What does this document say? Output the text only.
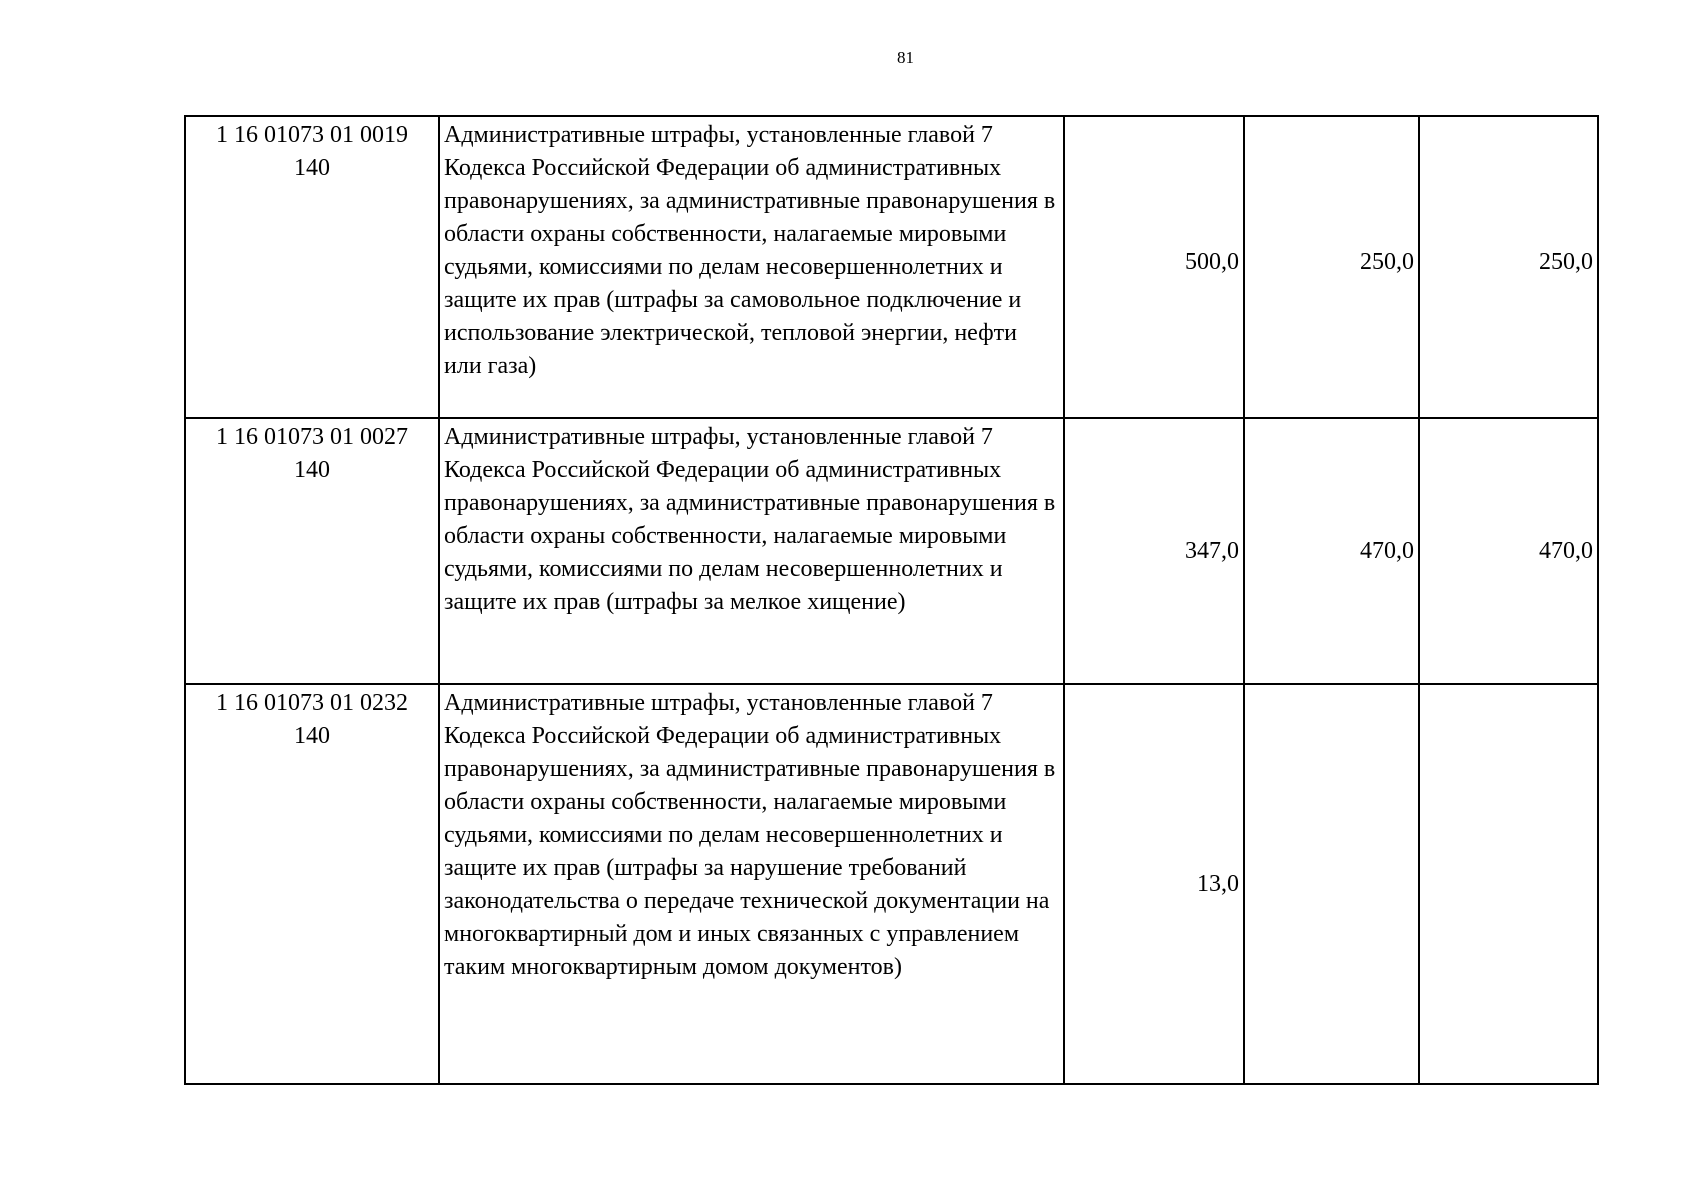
81
1 16 01073 01 0019
140	Административные штрафы, установленные главой 7 Кодекса Российской Федерации об административных правонарушениях, за административные правонарушения в области охраны собственности, налагаемые мировыми судьями, комиссиями по делам несовершеннолетних и защите их прав (штрафы за самовольное подключение и использование электрической, тепловой энергии, нефти или газа)	500,0	250,0	250,0

1 16 01073 01 0027
140	Административные штрафы, установленные главой 7 Кодекса Российской Федерации об административных правонарушениях, за административные правонарушения в области охраны собственности, налагаемые мировыми судьями, комиссиями по делам несовершеннолетних и защите их прав (штрафы за мелкое хищение)	347,0	470,0	470,0

1 16 01073 01 0232
140	Административные штрафы, установленные главой 7 Кодекса Российской Федерации об административных правонарушениях, за административные правонарушения в области охраны собственности, налагаемые мировыми судьями, комиссиями по делам несовершеннолетних и защите их прав (штрафы за нарушение требований законодательства о передаче технической документации на многоквартирный дом и иных связанных с управлением таким многоквартирным домом документов)	13,0		
